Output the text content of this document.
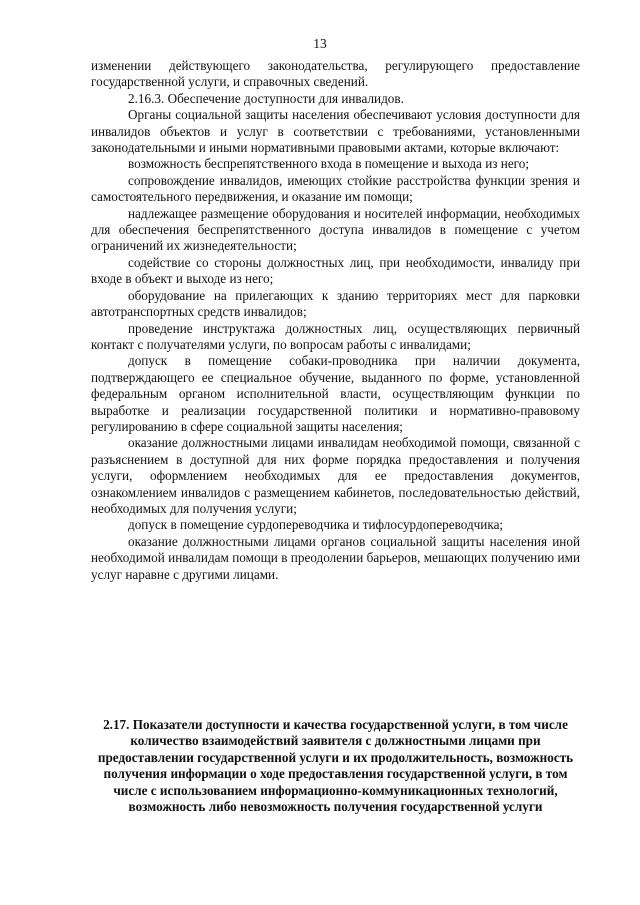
13

изменении действующего законодательства, регулирующего предоставление государственной услуги, и справочных сведений.

2.16.3. Обеспечение доступности для инвалидов.

Органы социальной защиты населения обеспечивают условия доступности для инвалидов объектов и услуг в соответствии с требованиями, установленными законодательными и иными нормативными правовыми актами, которые включают:

возможность беспрепятственного входа в помещение и выхода из него;

сопровождение инвалидов, имеющих стойкие расстройства функции зрения и самостоятельного передвижения, и оказание им помощи;

надлежащее размещение оборудования и носителей информации, необходимых для обеспечения беспрепятственного доступа инвалидов в помещение с учетом ограничений их жизнедеятельности;

содействие со стороны должностных лиц, при необходимости, инвалиду при входе в объект и выходе из него;

оборудование на прилегающих к зданию территориях мест для парковки автотранспортных средств инвалидов;

проведение инструктажа должностных лиц, осуществляющих первичный контакт с получателями услуги, по вопросам работы с инвалидами;

допуск в помещение собаки-проводника при наличии документа, подтверждающего ее специальное обучение, выданного по форме, установленной федеральным органом исполнительной власти, осуществляющим функции по выработке и реализации государственной политики и нормативно-правовому регулированию в сфере социальной защиты населения;

оказание должностными лицами инвалидам необходимой помощи, связанной с разъяснением в доступной для них форме порядка предоставления и получения услуги, оформлением необходимых для ее предоставления документов, ознакомлением инвалидов с размещением кабинетов, последовательностью действий, необходимых для получения услуги;

допуск в помещение сурдопереводчика и тифлосурдопереводчика;

оказание должностными лицами органов социальной защиты населения иной необходимой инвалидам помощи в преодолении барьеров, мешающих получению ими услуг наравне с другими лицами.

2.17. Показатели доступности и качества государственной услуги, в том числе количество взаимодействий заявителя с должностными лицами при предоставлении государственной услуги и их продолжительность, возможность получения информации о ходе предоставления государственной услуги, в том числе с использованием информационно-коммуникационных технологий, возможность либо невозможность получения государственной услуги
